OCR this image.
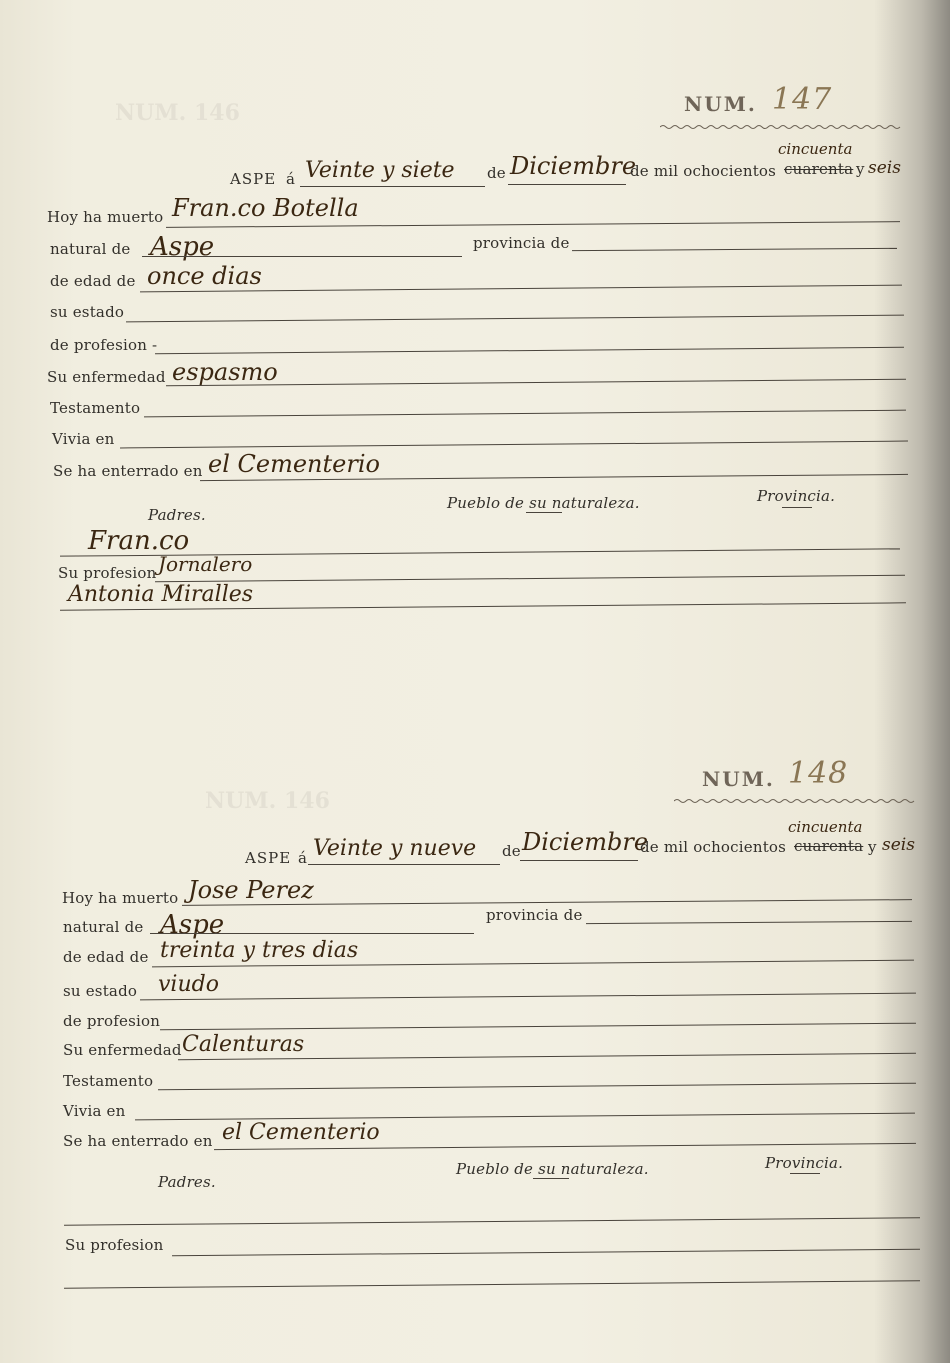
NUM. 146
NUM. 146
NUM. 147
ASPE á Veinte y siete de Diciembre
de mil ochocientos
cincuenta
cuarenta y seis
Hoy ha muerto Fran.co Botella
natural de Aspe	provincia de
de edad de once dias
su estado
de profesion -
Su enfermedad espasmo
Testamento
Vivia en
Se ha enterrado en el Cementerio
Padres.
Pueblo de su naturaleza.	Provincia.
Fran.co
Su profesion Jornalero
Antonia Miralles
NUM. 148
ASPE á Veinte y nueve de Diciembre
de mil ochocientos
cincuenta
cuarenta y seis
Hoy ha muerto Jose Perez
natural de Aspe	provincia de
de edad de treinta y tres dias
su estado viudo
de profesion
Su enfermedad Calenturas
Testamento
Vivia en
Se ha enterrado en el Cementerio
Padres.
Pueblo de su naturaleza.	Provincia.
Su profesion
